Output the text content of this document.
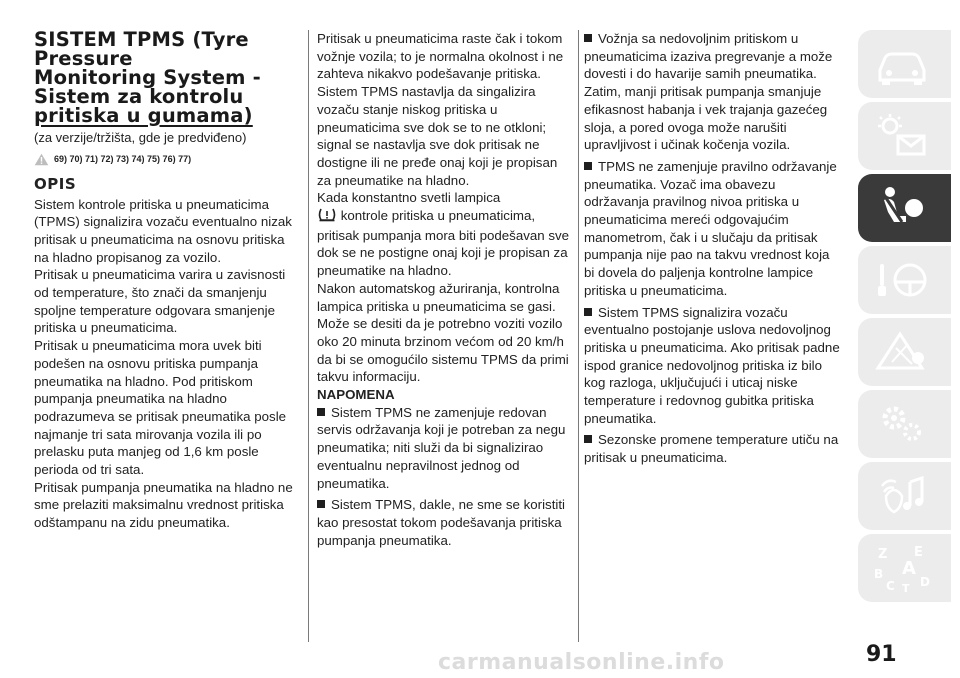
SISTEM TPMS (Tyre
Pressure
Monitoring System -
Sistem za kontrolu
pritiska u gumama)

(za verzije/tržišta, gde je predviđeno)

69) 70) 71) 72) 73) 74) 75) 76) 77)
OPIS

Sistem kontrole pritiska u pneumaticima (TPMS) signalizira vozaču eventualno nizak pritisak u pneumaticima na osnovu pritiska na hladno propisanog za vozilo.

Pritisak u pneumaticima varira u zavisnosti od temperature, što znači da smanjenju spoljne temperature odgovara smanjenje pritiska u pneumaticima.

Pritisak u pneumaticima mora uvek biti podešen na osnovu pritiska pumpanja pneumatika na hladno. Pod pritiskom pumpanja pneumatika na hladno podrazumeva se pritisak pneumatika posle najmanje tri sata mirovanja vozila ili po prelasku puta manjeg od 1,6 km posle perioda od tri sata.

Pritisak pumpanja pneumatika na hladno ne sme prelaziti maksimalnu vrednost pritiska odštampanu na zidu pneumatika.

Pritisak u pneumaticima raste čak i tokom vožnje vozila; to je normalna okolnost i ne zahteva nikakvo podešavanje pritiska.

Sistem TPMS nastavlja da singalizira vozaču stanje niskog pritiska u pneumaticima sve dok se to ne otkloni; signal se nastavlja sve dok pritisak ne dostigne ili ne pređe onaj koji je propisan za pneumatike na hladno.

Kada konstantno svetli lampica
kontrole pritiska u pneumaticima, pritisak pumpanja mora biti podešavan sve dok se ne postigne onaj koji je propisan za pneumatike na hladno.

Nakon automatskog ažuriranja, kontrolna lampica pritiska u pneumaticima se gasi. Može se desiti da je potrebno voziti vozilo oko 20 minuta brzinom većom od 20 km/h da bi se omogućilo sistemu TPMS da primi takvu informaciju.

NAPOMENA

Sistem TPMS ne zamenjuje redovan servis održavanja koji je potreban za negu pneumatika; niti služi da bi signalizirao eventualnu nepravilnost jednog od pneumatika.

Sistem TPMS, dakle, ne sme se koristiti kao presostat tokom podešavanja pritiska pumpanja pneumatika.

Vožnja sa nedovoljnim pritiskom u pneumaticima izaziva pregrevanje a može dovesti i do havarije samih pneumatika. Zatim, manji pritisak pumpanja smanjuje efikasnost habanja i vek trajanja gazećeg sloja, a pored ovoga može narušiti upravljivost i učinak kočenja vozila.

TPMS ne zamenjuje pravilno održavanje pneumatika. Vozač ima obavezu održavanja pravilnog nivoa pritiska u pneumaticima mereći odgovajućim manometrom, čak i u slučaju da pritisak pumpanja nije pao na takvu vrednost koja bi dovela do paljenja kontrolne lampice pritiska u pneumaticima.

Sistem TPMS signalizira vozaču eventualno postojanje uslova nedovoljnog pritiska u pneumaticima. Ako pritisak padne ispod granice nedovoljnog pritiska iz bilo kog razloga, uključujući i uticaj niske temperature i redovnog gubitka pritiska pneumatika.

Sezonske promene temperature utiču na pritisak u pneumaticima.

Z E
A
B
C D
T
91
carmanualsonline.info
